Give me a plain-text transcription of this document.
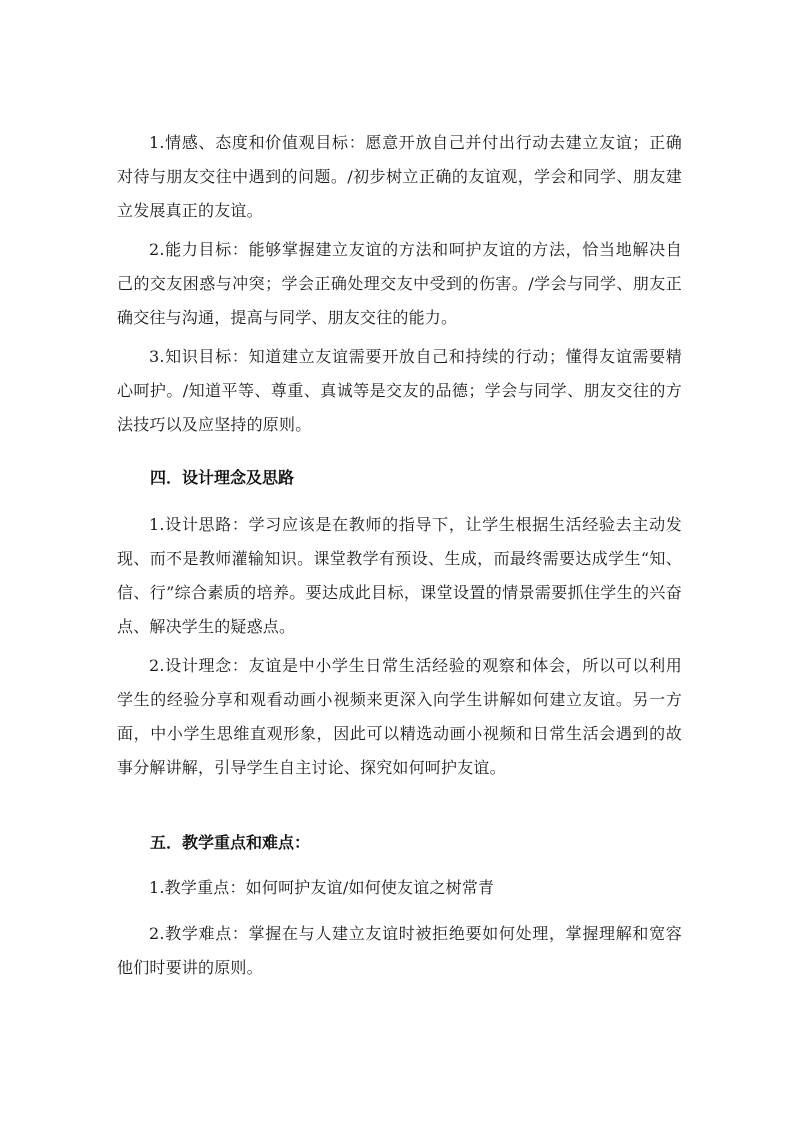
1.情感、态度和价值观目标：愿意开放自己并付出行动去建立友谊；正确对待与朋友交往中遇到的问题。/初步树立正确的友谊观，学会和同学、朋友建立发展真正的友谊。

2.能力目标：能够掌握建立友谊的方法和呵护友谊的方法，恰当地解决自己的交友困惑与冲突；学会正确处理交友中受到的伤害。/学会与同学、朋友正确交往与沟通，提高与同学、朋友交往的能力。

3.知识目标：知道建立友谊需要开放自己和持续的行动；懂得友谊需要精心呵护。/知道平等、尊重、真诚等是交友的品德；学会与同学、朋友交往的方法技巧以及应坚持的原则。

四．设计理念及思路

1.设计思路：学习应该是在教师的指导下，让学生根据生活经验去主动发现、而不是教师灌输知识。课堂教学有预设、生成，而最终需要达成学生“知、信、行”综合素质的培养。要达成此目标，课堂设置的情景需要抓住学生的兴奋点、解决学生的疑惑点。

2.设计理念：友谊是中小学生日常生活经验的观察和体会，所以可以利用学生的经验分享和观看动画小视频来更深入向学生讲解如何建立友谊。另一方面，中小学生思维直观形象，因此可以精选动画小视频和日常生活会遇到的故事分解讲解，引导学生自主讨论、探究如何呵护友谊。

五．教学重点和难点：

1.教学重点：如何呵护友谊/如何使友谊之树常青

2.教学难点：掌握在与人建立友谊时被拒绝要如何处理，掌握理解和宽容他们时要讲的原则。
